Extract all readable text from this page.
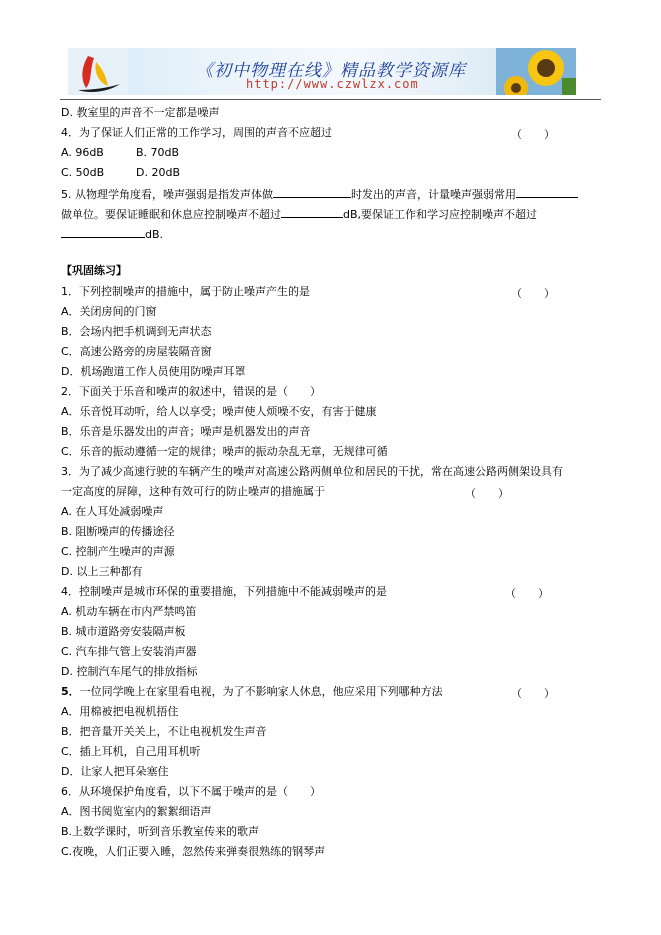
《初中物理在线》精品教学资源库
http://www.czwlzx.com
D. 教室里的声音不一定都是噪声
4．为了保证人们正常的工作学习，周围的声音不应超过	（　　）
A. 96dB	B. 70dB
C. 50dB	D. 20dB
5. 从物理学角度看，噪声强弱是指发声体做	时发出的声音，计量噪声强弱常用
做单位。要保证睡眠和休息应控制噪声不超过	dB,要保证工作和学习应控制噪声不超过
dB.
【巩固练习】
1．下列控制噪声的措施中，属于防止噪声产生的是	（　　）
A．关闭房间的门窗
B．会场内把手机调到无声状态
C．高速公路旁的房屋装隔音窗
D．机场跑道工作人员使用防噪声耳罩
2．下面关于乐音和噪声的叙述中，错误的是（　　）
A．乐音悦耳动听，给人以享受；噪声使人烦噪不安，有害于健康
B．乐音是乐器发出的声音；噪声是机器发出的声音
C．乐音的振动遵循一定的规律；噪声的振动杂乱无章，无规律可循
3．为了减少高速行驶的车辆产生的噪声对高速公路两侧单位和居民的干扰，常在高速公路两侧架设具有
一定高度的屏障，这种有效可行的防止噪声的措施属于	（　　）
A. 在人耳处减弱噪声
B. 阻断噪声的传播途径
C. 控制产生噪声的声源
D. 以上三种都有
4．控制噪声是城市环保的重要措施，下列措施中不能减弱噪声的是	（　　）
A. 机动车辆在市内严禁鸣笛
B. 城市道路旁安装隔声板
C. 汽车排气管上安装消声器
D. 控制汽车尾气的排放指标
5．一位同学晚上在家里看电视，为了不影响家人休息，他应采用下列哪种方法	（　　）
A．用棉被把电视机捂住
B．把音量开关关上，不让电视机发生声音
C．插上耳机，自己用耳机听
D．让家人把耳朵塞住
6．从环境保护角度看，以下不属于噪声的是（　　）
A．图书阅览室内的絮絮细语声
B.上数学课时，听到音乐教室传来的歌声
C.夜晚，人们正要入睡，忽然传来弹奏很熟练的钢琴声
